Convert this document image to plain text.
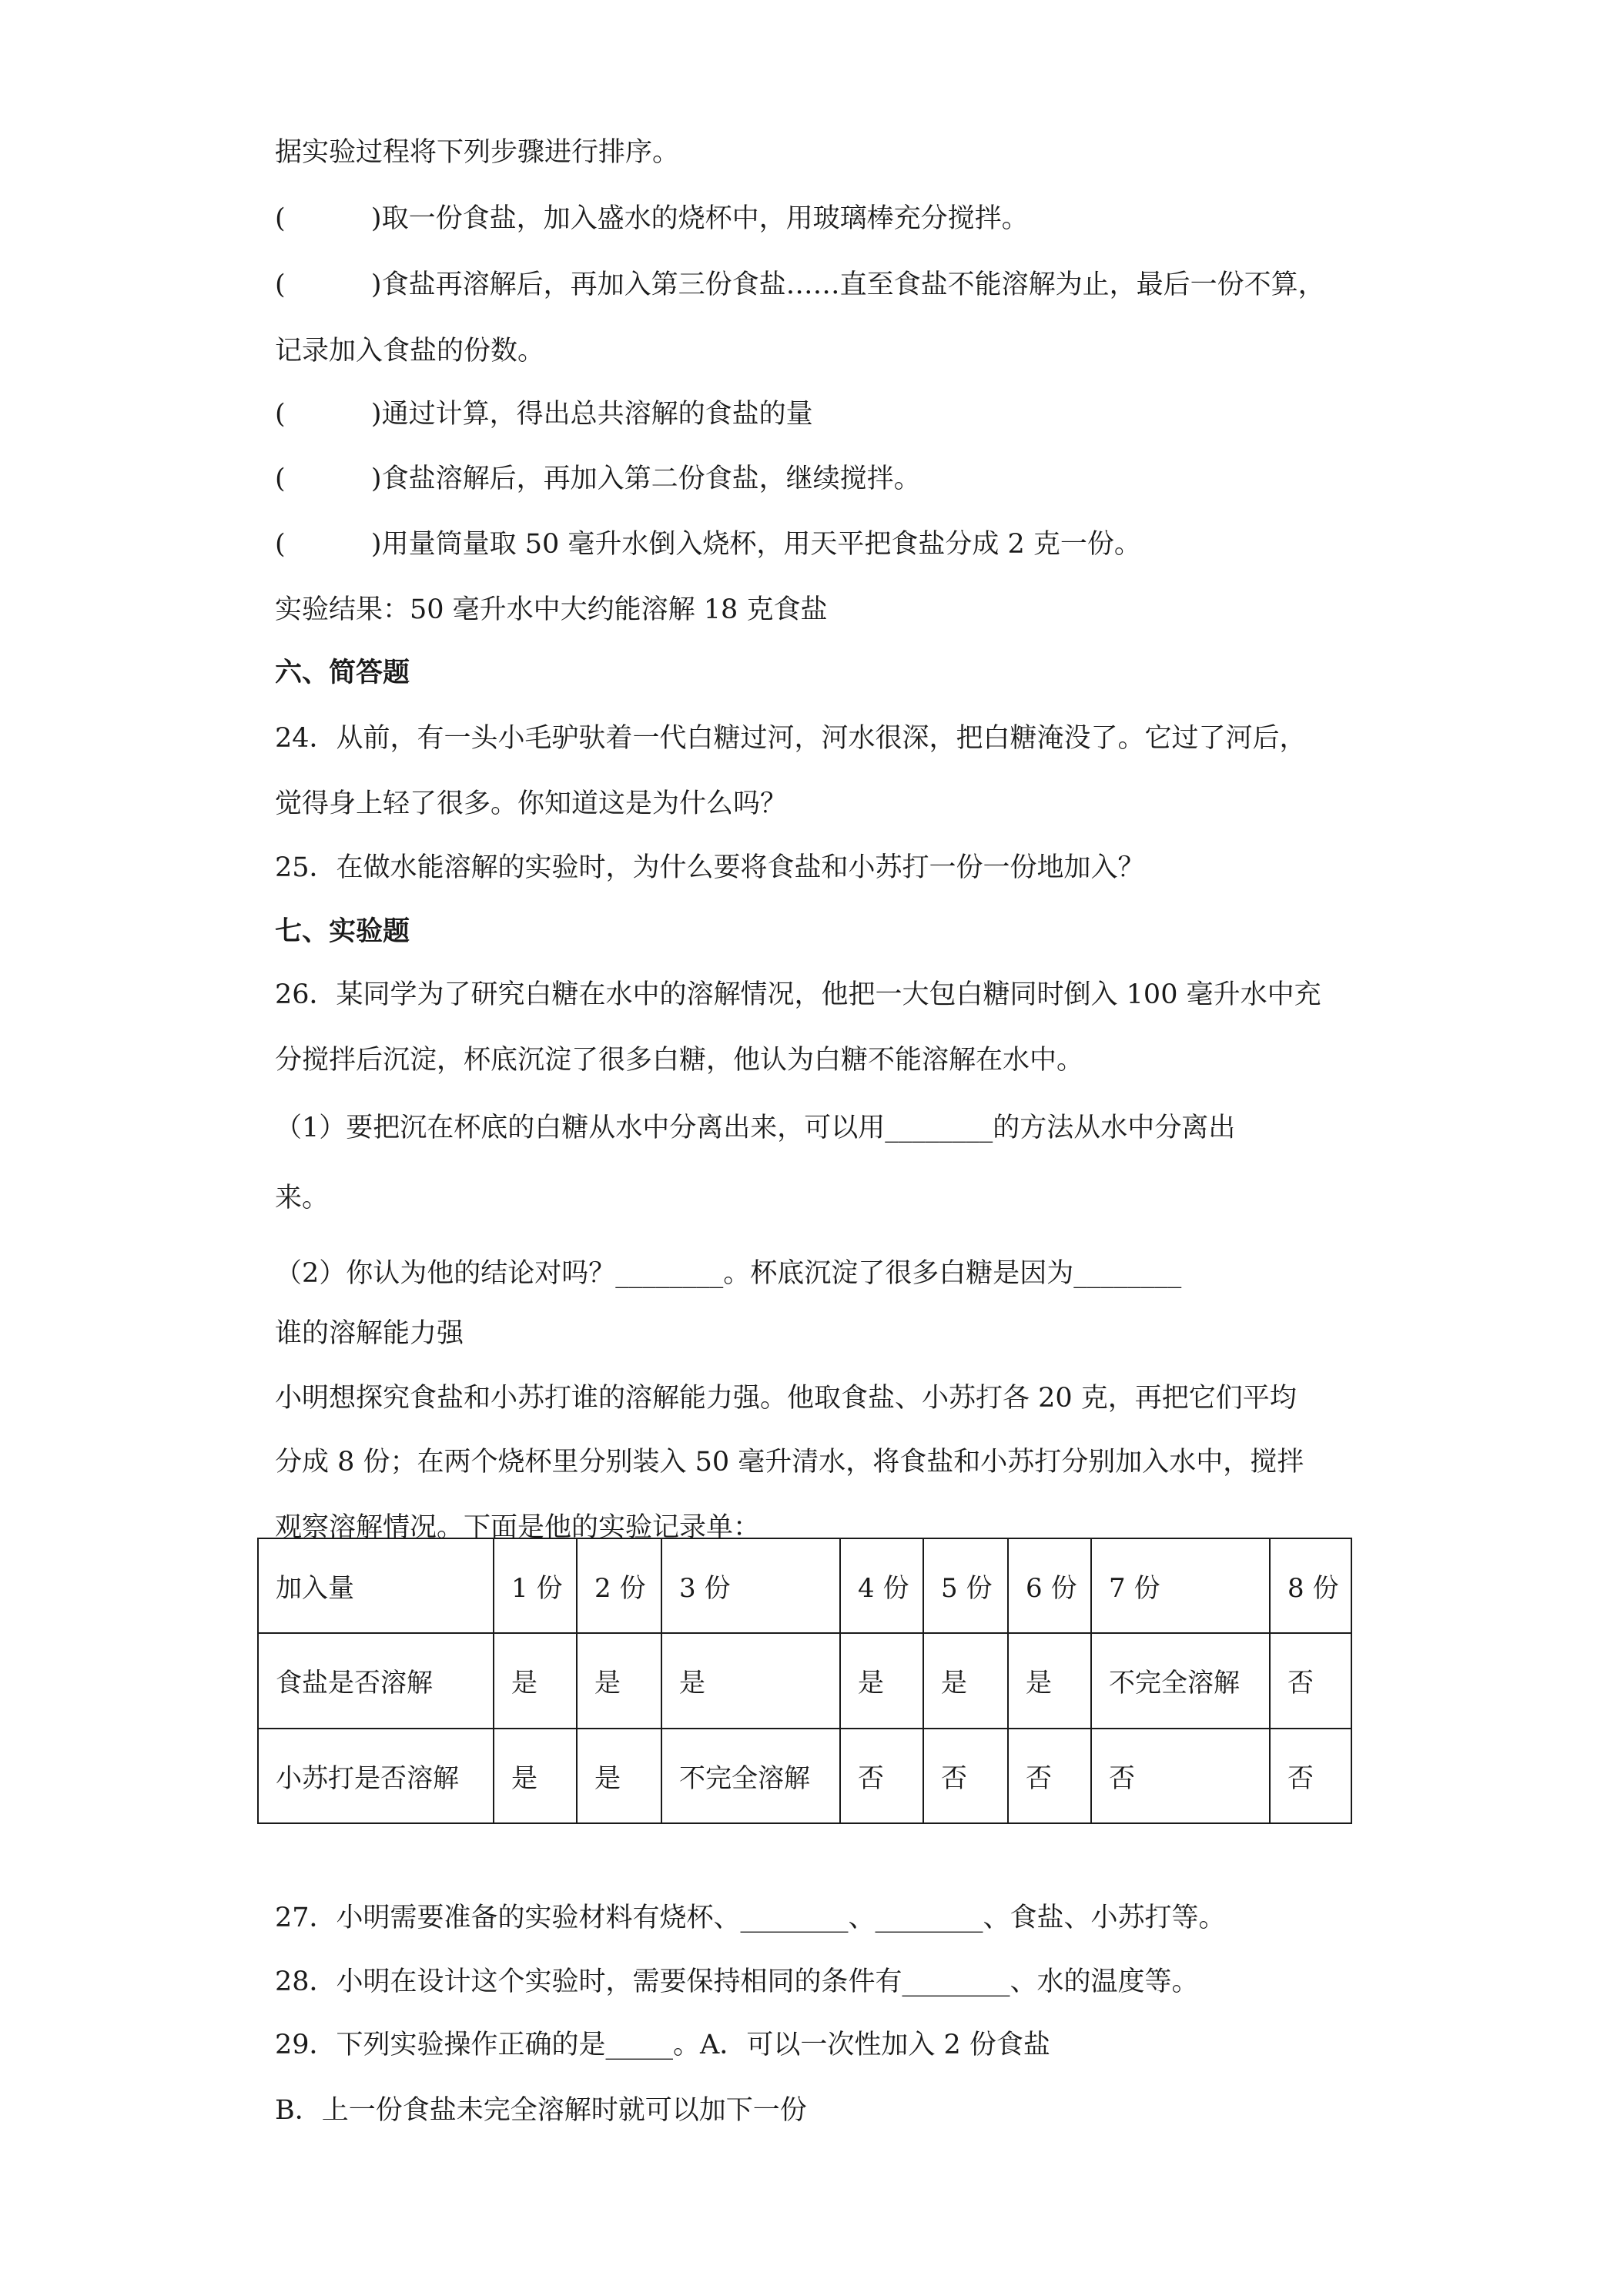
据实验过程将下列步骤进行排序。
(          )取一份食盐，加入盛水的烧杯中，用玻璃棒充分搅拌。
(          )食盐再溶解后，再加入第三份食盐……直至食盐不能溶解为止，最后一份不算，
记录加入食盐的份数。
(          )通过计算，得出总共溶解的食盐的量
(          )食盐溶解后，再加入第二份食盐，继续搅拌。
(          )用量筒量取 50 毫升水倒入烧杯，用天平把食盐分成 2 克一份。
实验结果：50 毫升水中大约能溶解 18 克食盐
六、简答题
24．从前，有一头小毛驴驮着一代白糖过河，河水很深，把白糖淹没了。它过了河后，
觉得身上轻了很多。你知道这是为什么吗？
25．在做水能溶解的实验时，为什么要将食盐和小苏打一份一份地加入？
七、实验题
26．某同学为了研究白糖在水中的溶解情况，他把一大包白糖同时倒入 100 毫升水中充
分搅拌后沉淀，杯底沉淀了很多白糖，他认为白糖不能溶解在水中。
（1）要把沉在杯底的白糖从水中分离出来，可以用________的方法从水中分离出
来。
（2）你认为他的结论对吗？________。杯底沉淀了很多白糖是因为________
谁的溶解能力强
小明想探究食盐和小苏打谁的溶解能力强。他取食盐、小苏打各 20 克，再把它们平均
分成 8 份；在两个烧杯里分别装入 50 毫升清水，将食盐和小苏打分别加入水中，搅拌
观察溶解情况。下面是他的实验记录单：
加入量	1 份	2 份	3 份	4 份	5 份	6 份	7 份	8 份
食盐是否溶解	是	是	是	是	是	是	不完全溶解	否
小苏打是否溶解	是	是	不完全溶解	否	否	否	否	否
27．小明需要准备的实验材料有烧杯、________、________、食盐、小苏打等。
28．小明在设计这个实验时，需要保持相同的条件有________、水的温度等。
29．下列实验操作正确的是_____。A．可以一次性加入 2 份食盐
B．上一份食盐未完全溶解时就可以加下一份
